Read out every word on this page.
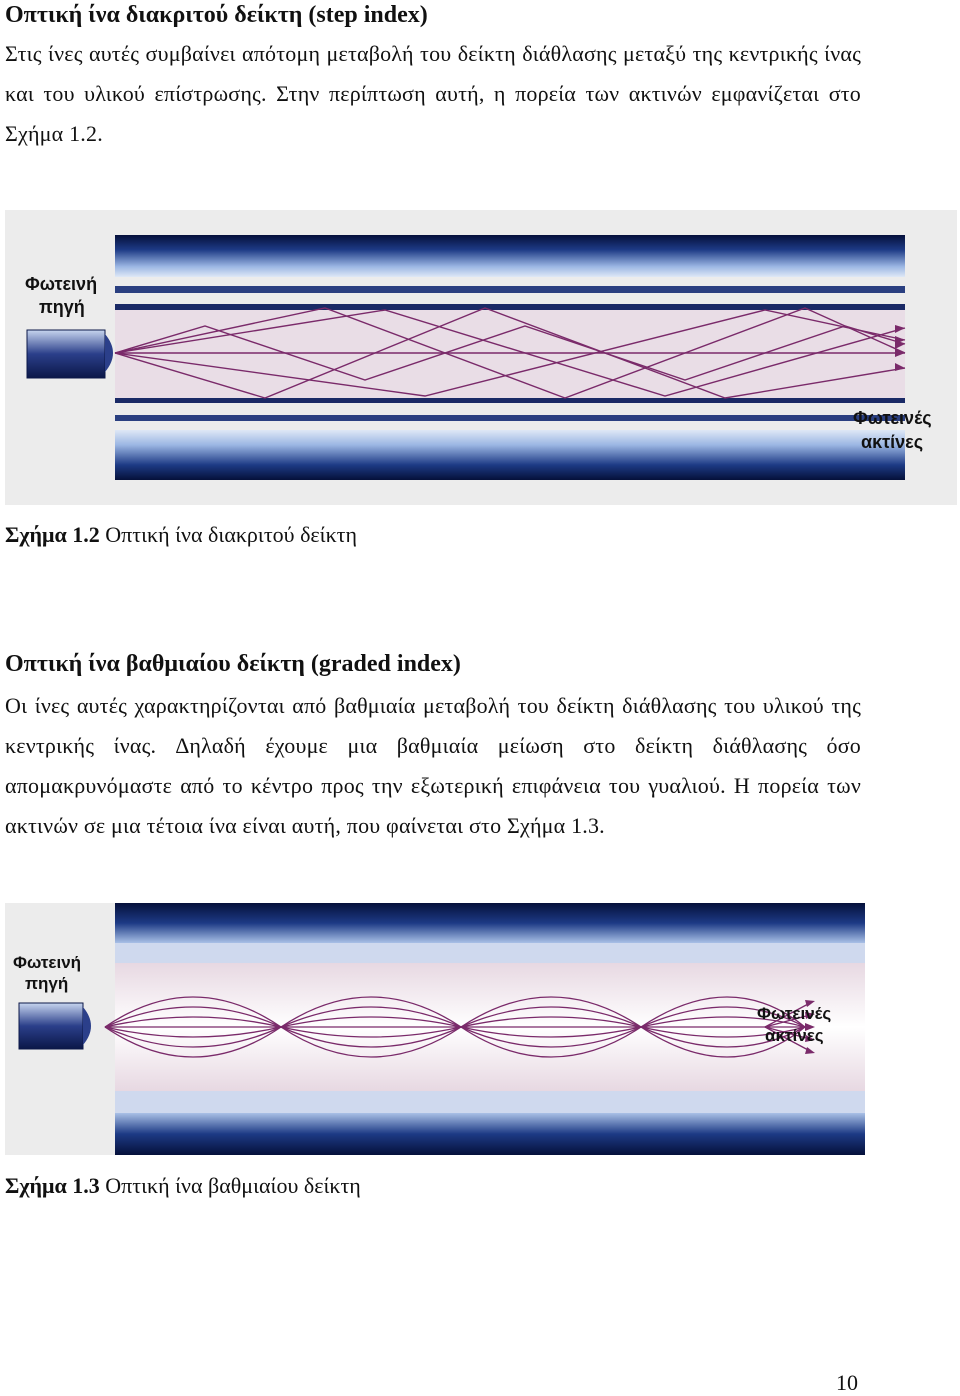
Οπτική ίνα διακριτού δείκτη (step index)
Στις ίνες αυτές συμβαίνει απότομη μεταβολή του δείκτη διάθλασης μεταξύ της κεντρικής ίνας και του υλικού επίστρωσης. Στην περίπτωση αυτή, η πορεία των ακτινών εμφανίζεται στο Σχήμα 1.2.
Φωτεινή
πηγή
Φωτεινές
ακτίνες
Σχήμα 1.2 Οπτική ίνα διακριτού δείκτη
Οπτική ίνα βαθμιαίου δείκτη (graded index)
Οι ίνες αυτές χαρακτηρίζονται από βαθμιαία μεταβολή του δείκτη διάθλασης του υλικού της κεντρικής ίνας. ∆ηλαδή έχουμε μια βαθμιαία μείωση στο δείκτη διάθλασης όσο απομακρυνόμαστε από το κέντρο προς την εξωτερική επιφάνεια του γυαλιού. Η πορεία των ακτινών σε μια τέτοια ίνα είναι αυτή, που φαίνεται στο Σχήμα 1.3.
Φωτεινή
πηγή
Φωτεινές
ακτίνες
Σχήμα 1.3 Οπτική ίνα βαθμιαίου δείκτη
10
